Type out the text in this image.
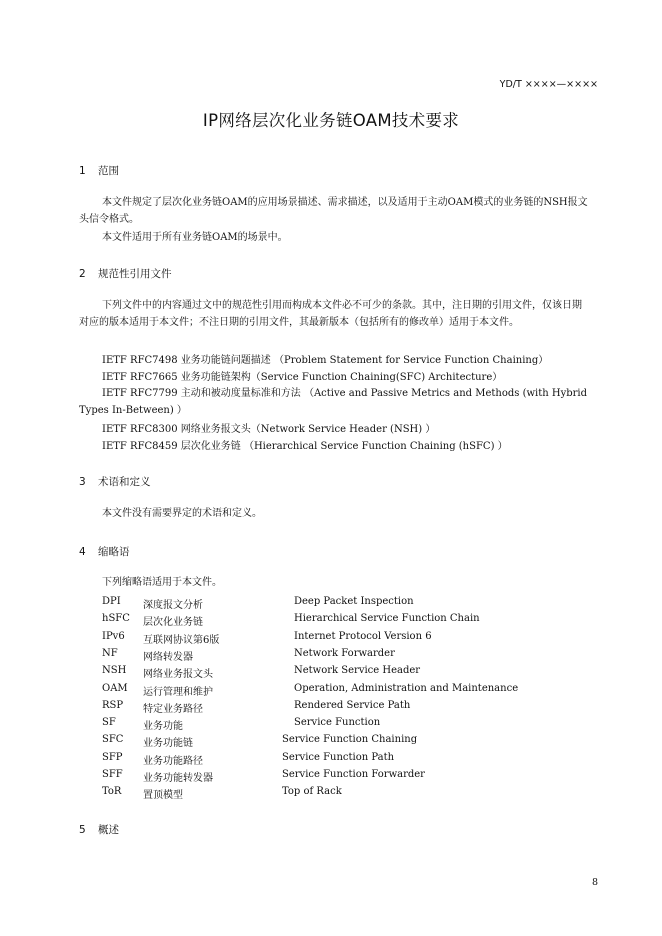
YD/T ××××—××××
IP网络层次化业务链OAM技术要求
1 范围
本文件规定了层次化业务链OAM的应用场景描述、需求描述，以及适用于主动OAM模式的业务链的NSH报文头信令格式。
本文件适用于所有业务链OAM的场景中。
2 规范性引用文件
下列文件中的内容通过文中的规范性引用而构成本文件必不可少的条款。其中，注日期的引用文件，仅该日期对应的版本适用于本文件；不注日期的引用文件，其最新版本（包括所有的修改单）适用于本文件。
IETF RFC7498 业务功能链问题描述 （Problem Statement for Service Function Chaining）
IETF RFC7665 业务功能链架构（Service Function Chaining(SFC) Architecture）
IETF RFC7799 主动和被动度量标准和方法 （Active and Passive Metrics and Methods (with Hybrid Types In-Between) ）
IETF RFC8300 网络业务报文头（Network Service Header (NSH) ）
IETF RFC8459 层次化业务链 （Hierarchical Service Function Chaining (hSFC) ）
3 术语和定义
本文件没有需要界定的术语和定义。
4 缩略语
下列缩略语适用于本文件。
DPI 深度报文分析	Deep Packet Inspection
hSFC 层次化业务链	Hierarchical Service Function Chain
IPv6 互联网协议第6版	Internet Protocol Version 6
NF	网络转发器	Network Forwarder
NSH 网络业务报文头	Network Service Header
OAM 运行管理和维护	Operation, Administration and Maintenance
RSP 特定业务路径	Rendered Service Path
SF	业务功能	Service Function
SFC 业务功能链	Service Function Chaining
SFP 业务功能路径	Service Function Path
SFF 业务功能转发器	Service Function Forwarder
ToR 置顶模型	Top of Rack
5 概述
8
